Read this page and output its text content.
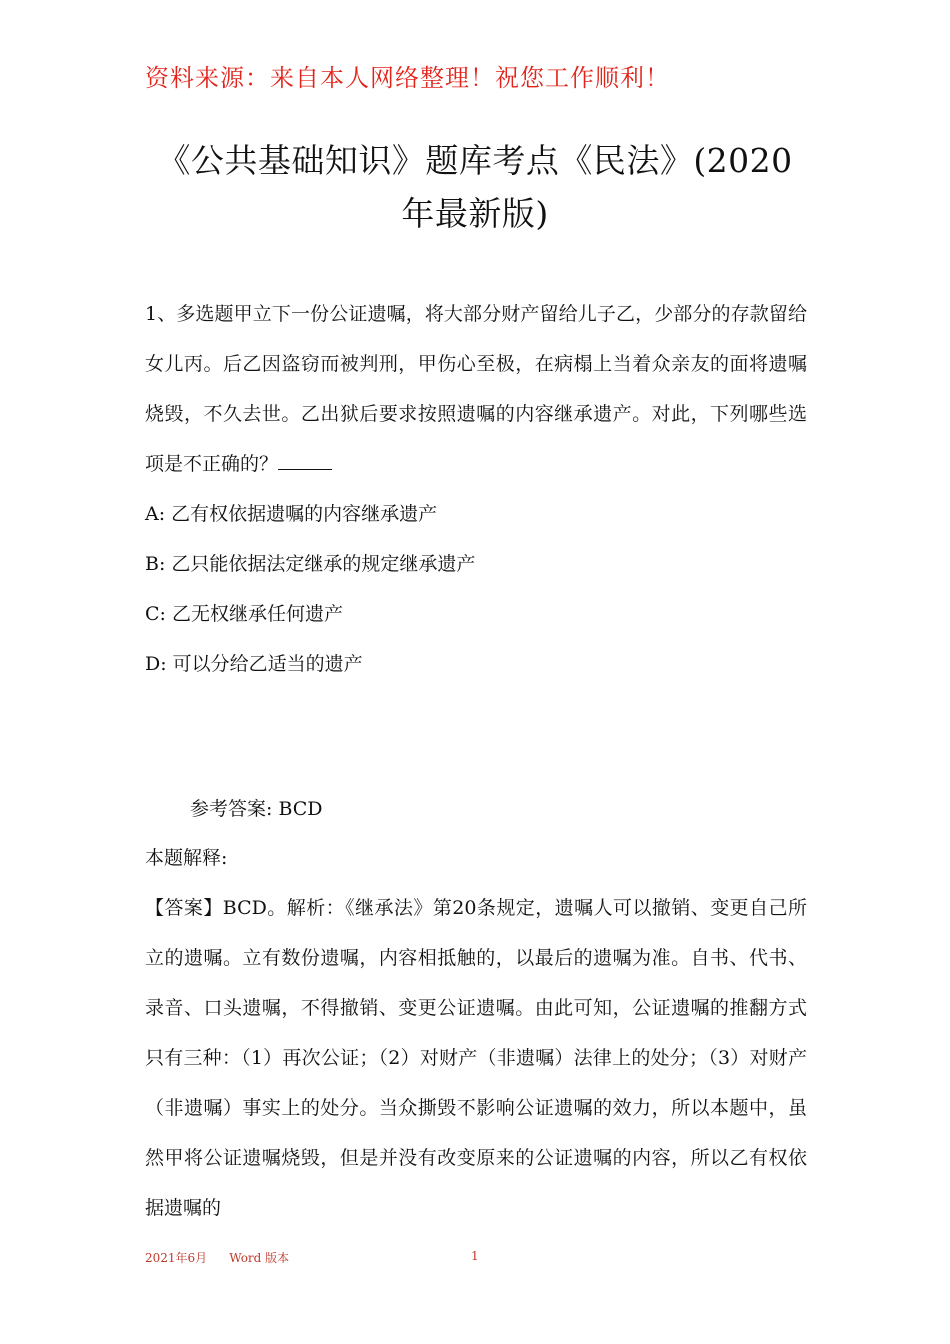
资料来源：来自本人网络整理！祝您工作顺利！
《公共基础知识》题库考点《民法》(2020年最新版)

1、多选题甲立下一份公证遗嘱，将大部分财产留给儿子乙，少部分的存款留给女儿丙。后乙因盗窃而被判刑，甲伤心至极，在病榻上当着众亲友的面将遗嘱烧毁，不久去世。乙出狱后要求按照遗嘱的内容继承遗产。对此，下列哪些选项是不正确的？

A: 乙有权依据遗嘱的内容继承遗产

B: 乙只能依据法定继承的规定继承遗产

C: 乙无权继承任何遗产

D: 可以分给乙适当的遗产

参考答案: BCD

本题解释:

【答案】BCD。解析：《继承法》第20条规定，遗嘱人可以撤销、变更自己所立的遗嘱。立有数份遗嘱，内容相抵触的，以最后的遗嘱为准。自书、代书、录音、口头遗嘱，不得撤销、变更公证遗嘱。由此可知，公证遗嘱的推翻方式只有三种：（1）再次公证；（2）对财产（非遗嘱）法律上的处分；（3）对财产（非遗嘱）事实上的处分。当众撕毁不影响公证遗嘱的效力，所以本题中，虽然甲将公证遗嘱烧毁，但是并没有改变原来的公证遗嘱的内容，所以乙有权依据遗嘱的

2021年6月 Word 版本	1
